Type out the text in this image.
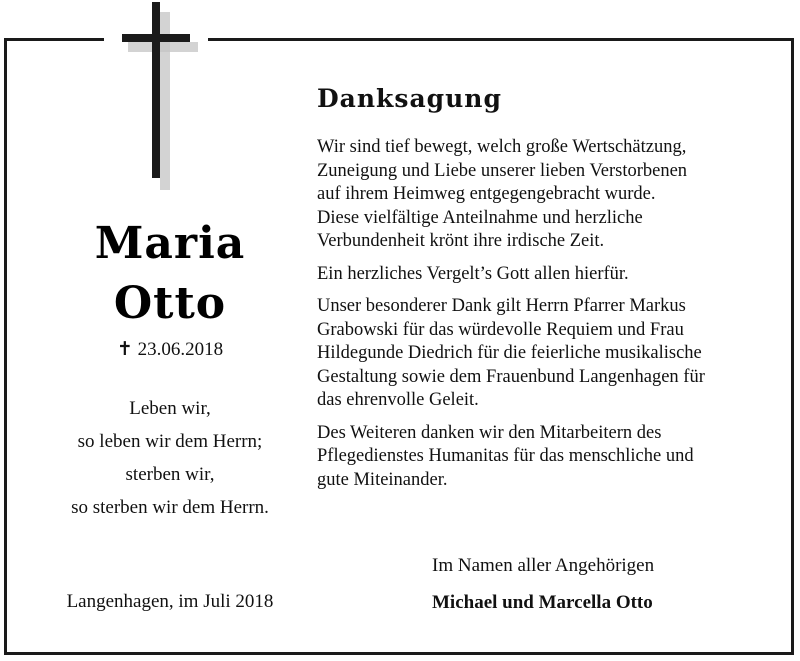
Maria
Otto
✝ 23.06.2018
Leben wir,
so leben wir dem Herrn;
sterben wir,
so sterben wir dem Herrn.
Langenhagen, im Juli 2018
Danksagung

Wir sind tief bewegt, welch große Wertschätzung,
Zuneigung und Liebe unserer lieben Verstorbenen
auf ihrem Heimweg entgegengebracht wurde.
Diese vielfältige Anteilnahme und herzliche
Verbundenheit krönt ihre irdische Zeit.

Ein herzliches Vergelt’s Gott allen hierfür.

Unser besonderer Dank gilt Herrn Pfarrer Markus
Grabowski für das würdevolle Requiem und Frau
Hildegunde Diedrich für die feierliche musikalische
Gestaltung sowie dem Frauenbund Langenhagen für
das ehrenvolle Geleit.

Des Weiteren danken wir den Mitarbeitern des
Pflegedienstes Humanitas für das menschliche und
gute Miteinander.

Im Namen aller Angehörigen
Michael und Marcella Otto
